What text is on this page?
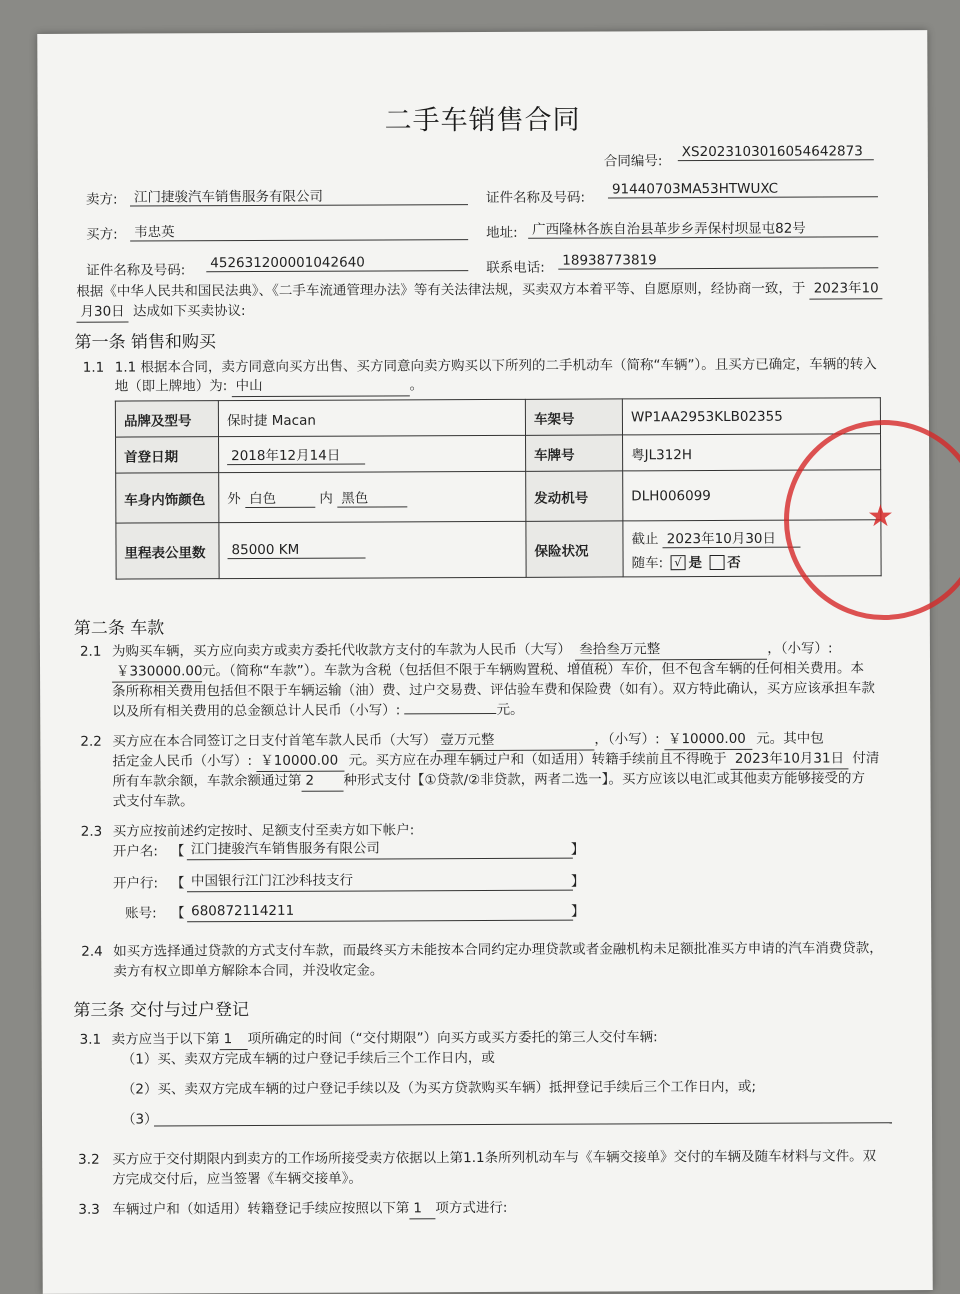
二手车销售合同
合同编号:
XS2023103016054642873
卖方: 江门捷骏汽车销售服务有限公司	证件名称及号码:
91440703MA53HTWUXC
买方: 韦忠英	地址: 广西隆林各族自治县革步乡弄保村坝显屯82号
证件名称及号码: 452631200001042640	联系电话: 18938773819
根据《中华人民共和国民法典》、《二手车流通管理办法》等有关法律法规，买卖双方本着平等、自愿原则，经协商一致，于 2023年10
月30日 达成如下买卖协议:
第一条 销售和购买
1.1 1.1 根据本合同，卖方同意向买方出售、买方同意向卖方购买以下所列的二手机动车（简称“车辆”）。且买方已确定，车辆的转入
地（即上牌地）为: 中山	。
品牌及型号	保时捷 Macan	车架号	WP1AA2953KLB02355
首登日期	2018年12月14日	车牌号	粤JL312H
车身内饰颜色	外 白色 内 黑色	发动机号	DLH006099
里程表公里数	85000 KM	保险状况	截止 2023年10月30日
随车: √ 是 否
第二条 车款
2.1 为购买车辆，买方应向卖方或卖方委托代收款方支付的车款为人民币（大写） 叁拾叁万元整	，（小写）:
￥330000.00元。（简称“车款”）。车款为含税（包括但不限于车辆购置税、增值税）车价，但不包含车辆的任何相关费用。本
条所称相关费用包括但不限于车辆运输（油）费、过户交易费、评估验车费和保险费（如有）。双方特此确认，买方应该承担车款
以及所有相关费用的总金额总计人民币（小写）:	元。
2.2 买方应在本合同签订之日支付首笔车款人民币（大写） 壹万元整	，（小写）: ￥10000.00 元。其中包
括定金人民币（小写）: ￥10000.00 元。买方应在办理车辆过户和（如适用）转籍手续前且不得晚于 2023年10月31日 付清
所有车款余额，车款余额通过第 2 种形式支付【①贷款/②非贷款，两者二选一】。买方应该以电汇或其他卖方能够接受的方
式支付车款。
2.3 买方应按前述约定按时、足额支付至卖方如下帐户:
开户名: 【 江门捷骏汽车销售服务有限公司	】
开户行: 【 中国银行江门江沙科技支行	】
账号: 【 680872114211	】
2.4 如买方选择通过贷款的方式支付车款，而最终买方未能按本合同约定办理贷款或者金融机构未足额批准买方申请的汽车消费贷款，
卖方有权立即单方解除本合同，并没收定金。
第三条 交付与过户登记
3.1 卖方应当于以下第 1 项所确定的时间（“交付期限”）向买方或买方委托的第三人交付车辆:
（1）买、卖双方完成车辆的过户登记手续后三个工作日内，或
（2）买、卖双方完成车辆的过户登记手续以及（为买方贷款购买车辆）抵押登记手续后三个工作日内，或;
（3）
3.2 买方应于交付期限内到卖方的工作场所接受卖方依据以上第1.1条所列机动车与《车辆交接单》交付的车辆及随车材料与文件。双
方完成交付后，应当签署《车辆交接单》。
3.3 车辆过户和（如适用）转籍登记手续应按照以下第 1 项方式进行:
★
